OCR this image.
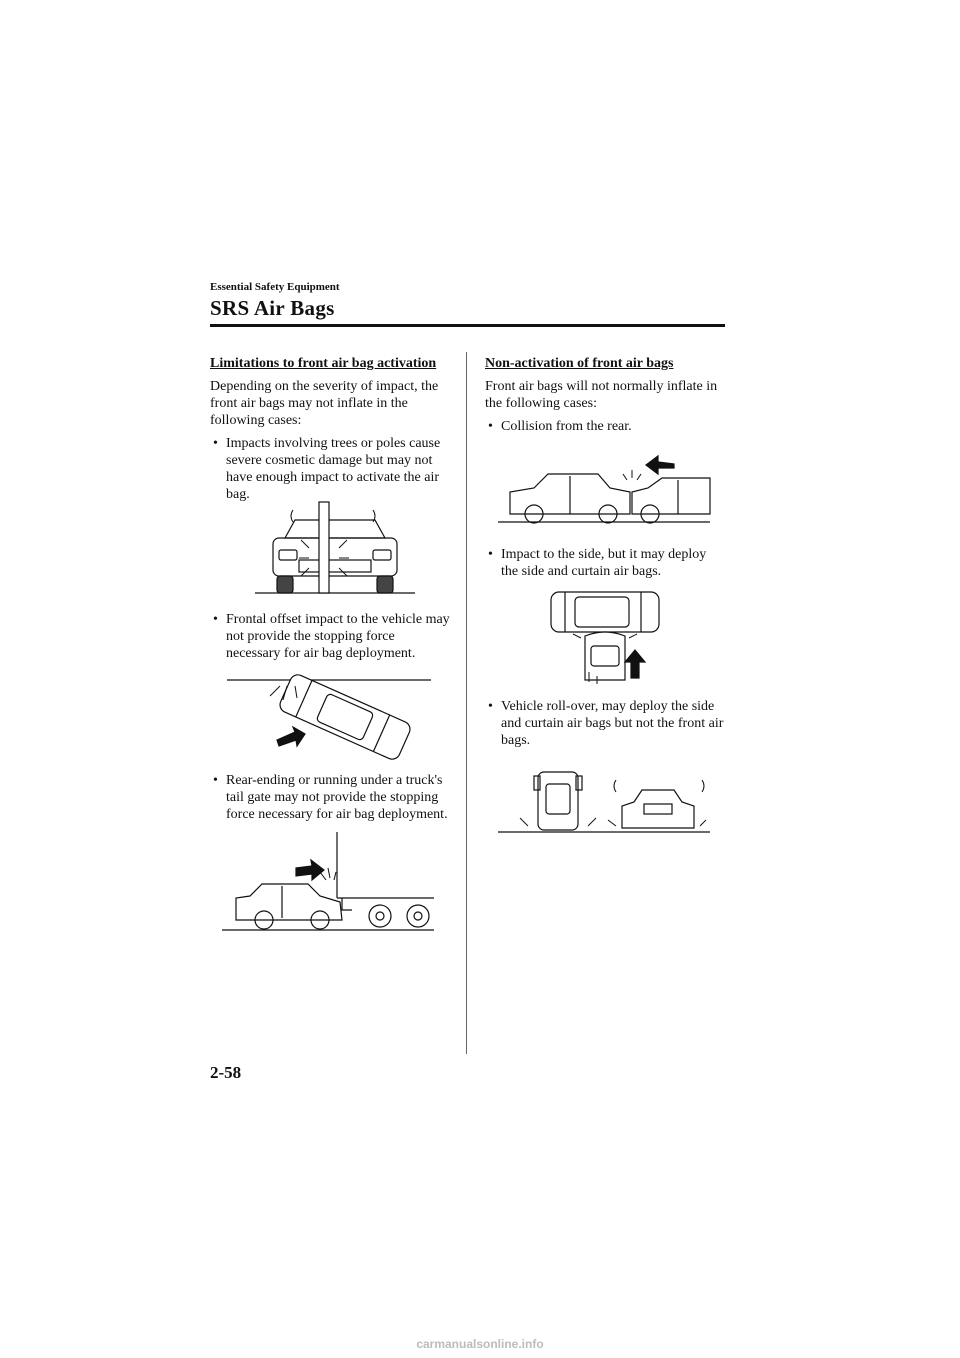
Essential Safety Equipment
SRS Air Bags

Limitations to front air bag activation

Depending on the severity of impact, the front air bags may not inflate in the following cases:

• Impacts involving trees or poles cause severe cosmetic damage but may not have enough impact to activate the air bag.

• Frontal offset impact to the vehicle may not provide the stopping force necessary for air bag deployment.

• Rear-ending or running under a truck's tail gate may not provide the stopping force necessary for air bag deployment.

Non-activation of front air bags

Front air bags will not normally inflate in the following cases:

• Collision from the rear.

• Impact to the side, but it may deploy the side and curtain air bags.

• Vehicle roll-over, may deploy the side and curtain air bags but not the front air bags.

2-58
carmanualsonline.info
